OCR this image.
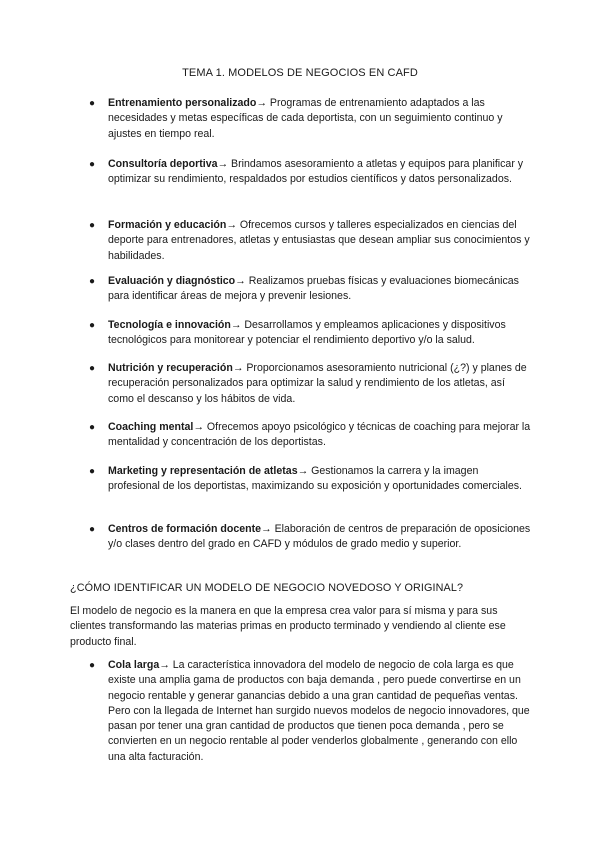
TEMA 1. MODELOS DE NEGOCIOS EN CAFD
● Entrenamiento personalizado→ Programas de entrenamiento adaptados a las necesidades y metas específicas de cada deportista, con un seguimiento continuo y ajustes en tiempo real.
● Consultoría deportiva→ Brindamos asesoramiento a atletas y equipos para planificar y optimizar su rendimiento, respaldados por estudios científicos y datos personalizados.
● Formación y educación→ Ofrecemos cursos y talleres especializados en ciencias del deporte para entrenadores, atletas y entusiastas que desean ampliar sus conocimientos y habilidades.
● Evaluación y diagnóstico→ Realizamos pruebas físicas y evaluaciones biomecánicas para identificar áreas de mejora y prevenir lesiones.
● Tecnología e innovación→ Desarrollamos y empleamos aplicaciones y dispositivos tecnológicos para monitorear y potenciar el rendimiento deportivo y/o la salud.
● Nutrición y recuperación→ Proporcionamos asesoramiento nutricional (¿?) y planes de recuperación personalizados para optimizar la salud y rendimiento de los atletas, así como el descanso y los hábitos de vida.
● Coaching mental→ Ofrecemos apoyo psicológico y técnicas de coaching para mejorar la mentalidad y concentración de los deportistas.
● Marketing y representación de atletas→ Gestionamos la carrera y la imagen profesional de los deportistas, maximizando su exposición y oportunidades comerciales.
● Centros de formación docente→ Elaboración de centros de preparación de oposiciones y/o clases dentro del grado en CAFD y módulos de grado medio y superior.
¿CÓMO IDENTIFICAR UN MODELO DE NEGOCIO NOVEDOSO Y ORIGINAL?
El modelo de negocio es la manera en que la empresa crea valor para sí misma y para sus clientes transformando las materias primas en producto terminado y vendiendo al cliente ese producto final.
● Cola larga→ La característica innovadora del modelo de negocio de cola larga es que existe una amplia gama de productos con baja demanda , pero puede convertirse en un negocio rentable y generar ganancias debido a una gran cantidad de pequeñas ventas.

Pero con la llegada de Internet han surgido nuevos modelos de negocio innovadores, que pasan por tener una gran cantidad de productos que tienen poca demanda , pero se convierten en un negocio rentable al poder venderlos globalmente , generando con ello una alta facturación.
